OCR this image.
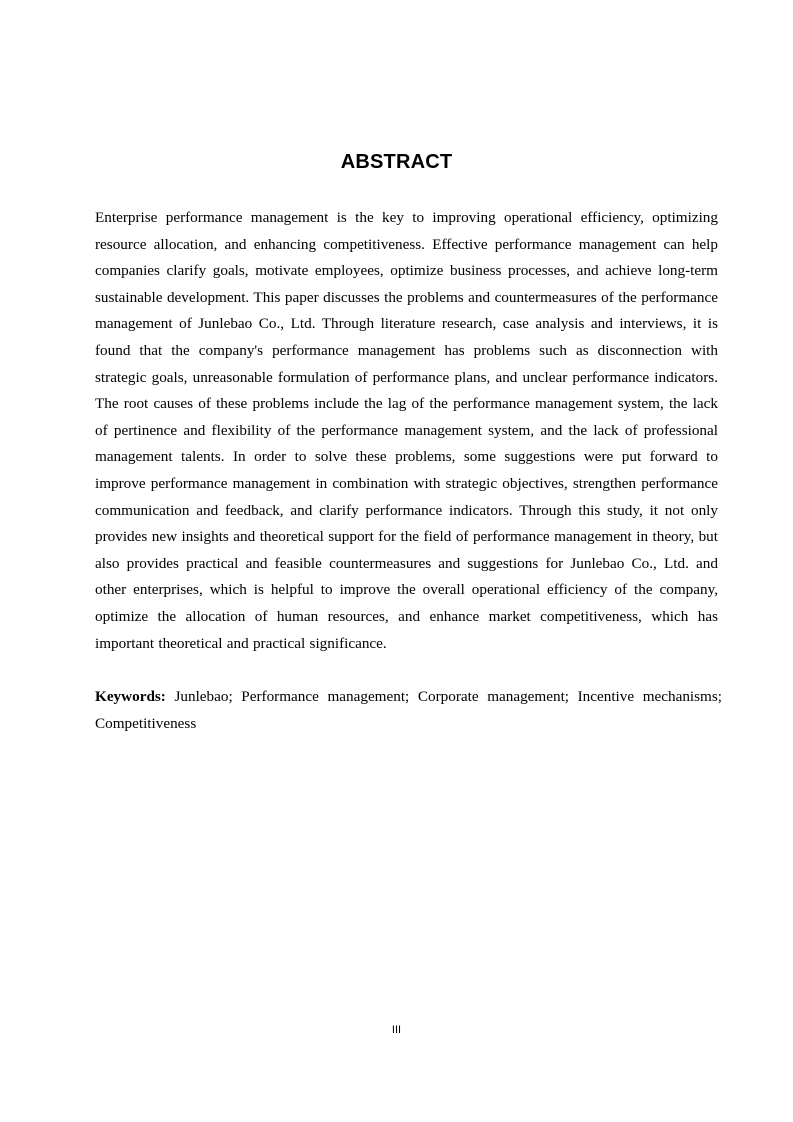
ABSTRACT

Enterprise performance management is the key to improving operational efficiency, optimizing resource allocation, and enhancing competitiveness. Effective performance management can help companies clarify goals, motivate employees, optimize business processes, and achieve long-term sustainable development. This paper discusses the problems and countermeasures of the performance management of Junlebao Co., Ltd. Through literature research, case analysis and interviews, it is found that the company's performance management has problems such as disconnection with strategic goals, unreasonable formulation of performance plans, and unclear performance indicators. The root causes of these problems include the lag of the performance management system, the lack of pertinence and flexibility of the performance management system, and the lack of professional management talents. In order to solve these problems, some suggestions were put forward to improve performance management in combination with strategic objectives, strengthen performance communication and feedback, and clarify performance indicators. Through this study, it not only provides new insights and theoretical support for the field of performance management in theory, but also provides practical and feasible countermeasures and suggestions for Junlebao Co., Ltd. and other enterprises, which is helpful to improve the overall operational efficiency of the company, optimize the allocation of human resources, and enhance market competitiveness, which has important theoretical and practical significance.

Keywords: Junlebao; Performance management; Corporate management; Incentive mechanisms; Competitiveness

III
